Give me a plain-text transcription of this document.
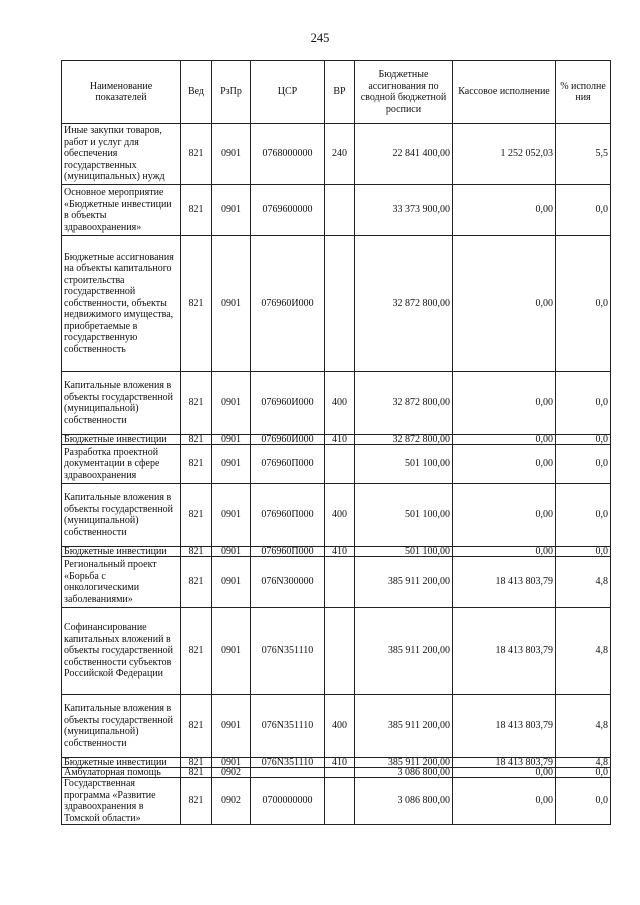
245
Наименование показателей	Вед	РзПр	ЦСР	ВР	Бюджетные ассигнования по сводной бюджетной росписи	Кассовое исполнение	% исполне ния
Иные закупки товаров, работ и услуг для обеспечения государственных (муниципальных) нужд	821	0901	0768000000	240	22 841 400,00	1 252 052,03	5,5
Основное мероприятие «Бюджетные инвестиции в объекты здравоохранения»	821	0901	0769600000		33 373 900,00	0,00	0,0
Бюджетные ассигнования на объекты капитального строительства государственной собственности, объекты недвижимого имущества, приобретаемые в государственную собственность	821	0901	076960И000		32 872 800,00	0,00	0,0
Капитальные вложения в объекты государственной (муниципальной) собственности	821	0901	076960И000	400	32 872 800,00	0,00	0,0
Бюджетные инвестиции	821	0901	076960И000	410	32 872 800,00	0,00	0,0
Разработка проектной документации в сфере здравоохранения	821	0901	076960П000		501 100,00	0,00	0,0
Капитальные вложения в объекты государственной (муниципальной) собственности	821	0901	076960П000	400	501 100,00	0,00	0,0
Бюджетные инвестиции	821	0901	076960П000	410	501 100,00	0,00	0,0
Региональный проект «Борьба с онкологическими заболеваниями»	821	0901	076N300000		385 911 200,00	18 413 803,79	4,8
Софинансирование капитальных вложений в объекты государственной собственности субъектов Российской Федерации	821	0901	076N351110		385 911 200,00	18 413 803,79	4,8
Капитальные вложения в объекты государственной (муниципальной) собственности	821	0901	076N351110	400	385 911 200,00	18 413 803,79	4,8
Бюджетные инвестиции	821	0901	076N351110	410	385 911 200,00	18 413 803,79	4,8
Амбулаторная помощь	821	0902			3 086 800,00	0,00	0,0
Государственная программа «Развитие здравоохранения в Томской области»	821	0902	0700000000		3 086 800,00	0,00	0,0
